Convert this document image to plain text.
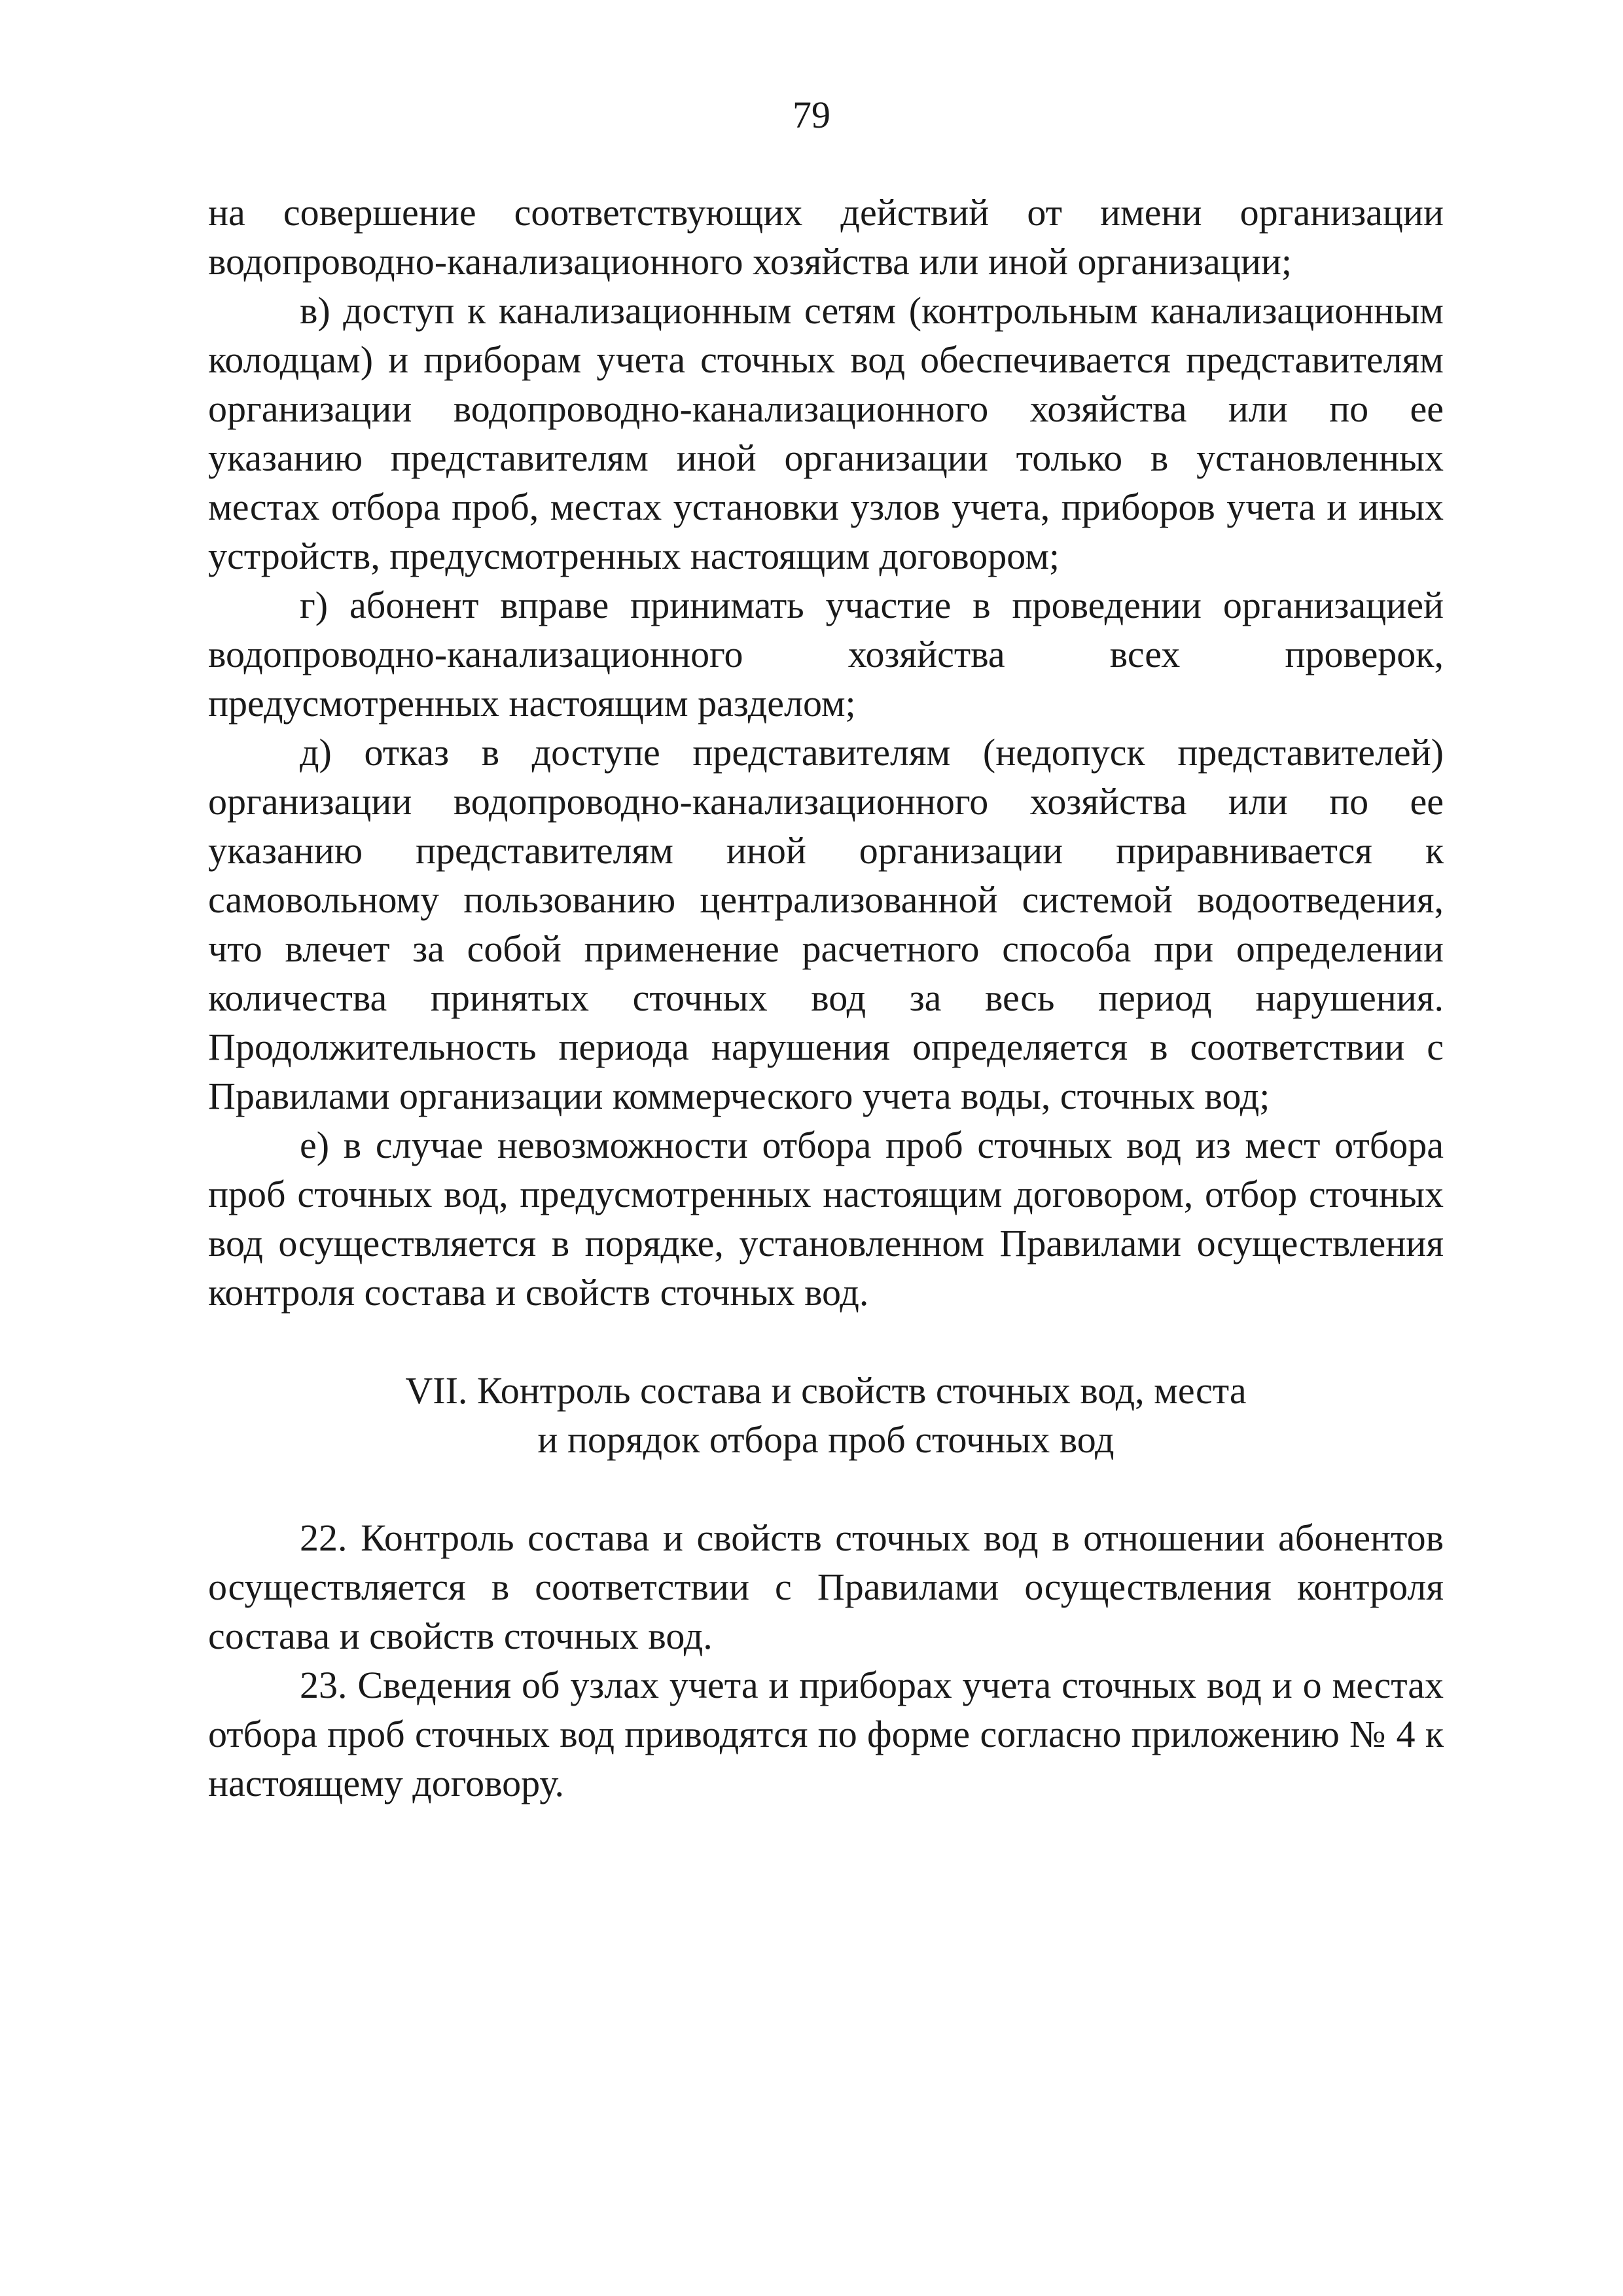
79

на совершение соответствующих действий от имени организации водопроводно-канализационного хозяйства или иной организации;

в) доступ к канализационным сетям (контрольным канализационным колодцам) и приборам учета сточных вод обеспечивается представителям организации водопроводно-канализационного хозяйства или по ее указанию представителям иной организации только в установленных местах отбора проб, местах установки узлов учета, приборов учета и иных устройств, предусмотренных настоящим договором;

г) абонент вправе принимать участие в проведении организацией водопроводно-канализационного хозяйства всех проверок, предусмотренных настоящим разделом;

д) отказ в доступе представителям (недопуск представителей) организации водопроводно-канализационного хозяйства или по ее указанию представителям иной организации приравнивается к самовольному пользованию централизованной системой водоотведения, что влечет за собой применение расчетного способа при определении количества принятых сточных вод за весь период нарушения. Продолжительность периода нарушения определяется в соответствии с Правилами организации коммерческого учета воды, сточных вод;

е) в случае невозможности отбора проб сточных вод из мест отбора проб сточных вод, предусмотренных настоящим договором, отбор сточных вод осуществляется в порядке, установленном Правилами осуществления контроля состава и свойств сточных вод.

VII. Контроль состава и свойств сточных вод, места
и порядок отбора проб сточных вод

22. Контроль состава и свойств сточных вод в отношении абонентов осуществляется в соответствии с Правилами осуществления контроля состава и свойств сточных вод.

23. Сведения об узлах учета и приборах учета сточных вод и о местах отбора проб сточных вод приводятся по форме согласно приложению № 4 к настоящему договору.
